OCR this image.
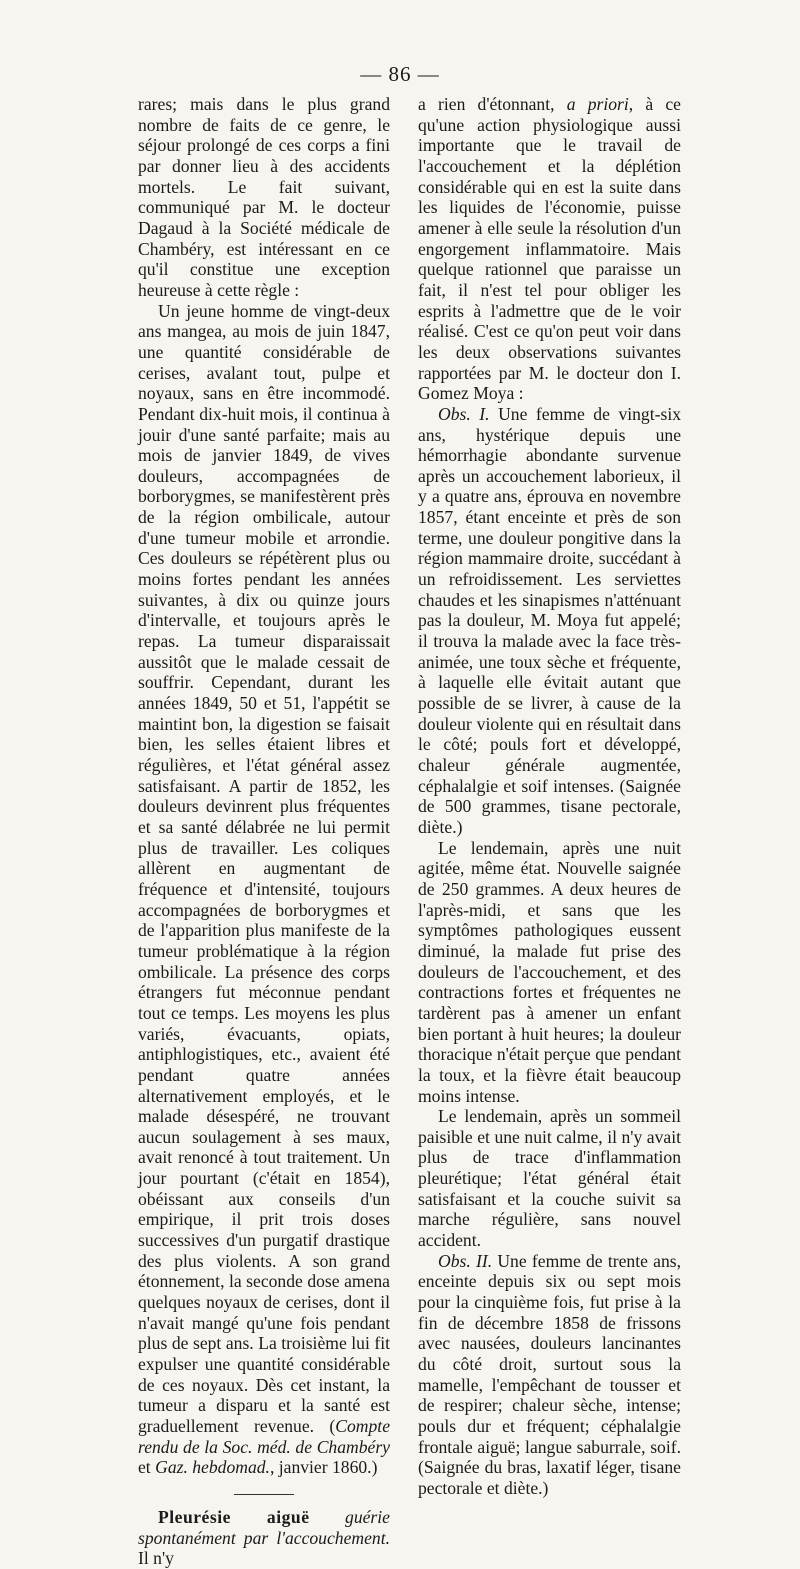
— 86 —

rares; mais dans le plus grand nombre de faits de ce genre, le séjour prolongé de ces corps a fini par donner lieu à des accidents mortels. Le fait suivant, communiqué par M. le docteur Dagaud à la Société médicale de Chambéry, est intéressant en ce qu'il constitue une exception heureuse à cette règle :

Un jeune homme de vingt-deux ans mangea, au mois de juin 1847, une quantité considérable de cerises, avalant tout, pulpe et noyaux, sans en être incommodé. Pendant dix-huit mois, il continua à jouir d'une santé parfaite; mais au mois de janvier 1849, de vives douleurs, accompagnées de borborygmes, se manifestèrent près de la région ombilicale, autour d'une tumeur mobile et arrondie. Ces douleurs se répétèrent plus ou moins fortes pendant les années suivantes, à dix ou quinze jours d'intervalle, et toujours après le repas. La tumeur disparaissait aussitôt que le malade cessait de souffrir. Cependant, durant les années 1849, 50 et 51, l'appétit se maintint bon, la digestion se faisait bien, les selles étaient libres et régulières, et l'état général assez satisfaisant. A partir de 1852, les douleurs devinrent plus fréquentes et sa santé délabrée ne lui permit plus de travailler. Les coliques allèrent en augmentant de fréquence et d'intensité, toujours accompagnées de borborygmes et de l'apparition plus manifeste de la tumeur problématique à la région ombilicale. La présence des corps étrangers fut méconnue pendant tout ce temps. Les moyens les plus variés, évacuants, opiats, antiphlogistiques, etc., avaient été pendant quatre années alternativement employés, et le malade désespéré, ne trouvant aucun soulagement à ses maux, avait renoncé à tout traitement. Un jour pourtant (c'était en 1854), obéissant aux conseils d'un empirique, il prit trois doses successives d'un purgatif drastique des plus violents. A son grand étonnement, la seconde dose amena quelques noyaux de cerises, dont il n'avait mangé qu'une fois pendant plus de sept ans. La troisième lui fit expulser une quantité considérable de ces noyaux. Dès cet instant, la tumeur a disparu et la santé est graduellement revenue. (Compte rendu de la Soc. méd. de Chambéry et Gaz. hebdomad., janvier 1860.)

Pleurésie aiguë guérie spontanément par l'accouchement. Il n'y

a rien d'étonnant, a priori, à ce qu'une action physiologique aussi importante que le travail de l'accouchement et la déplétion considérable qui en est la suite dans les liquides de l'économie, puisse amener à elle seule la résolution d'un engorgement inflammatoire. Mais quelque rationnel que paraisse un fait, il n'est tel pour obliger les esprits à l'admettre que de le voir réalisé. C'est ce qu'on peut voir dans les deux observations suivantes rapportées par M. le docteur don I. Gomez Moya :

Obs. I. Une femme de vingt-six ans, hystérique depuis une hémorrhagie abondante survenue après un accouchement laborieux, il y a quatre ans, éprouva en novembre 1857, étant enceinte et près de son terme, une douleur pongitive dans la région mammaire droite, succédant à un refroidissement. Les serviettes chaudes et les sinapismes n'atténuant pas la douleur, M. Moya fut appelé; il trouva la malade avec la face très-animée, une toux sèche et fréquente, à laquelle elle évitait autant que possible de se livrer, à cause de la douleur violente qui en résultait dans le côté; pouls fort et développé, chaleur générale augmentée, céphalalgie et soif intenses. (Saignée de 500 grammes, tisane pectorale, diète.)

Le lendemain, après une nuit agitée, même état. Nouvelle saignée de 250 grammes. A deux heures de l'après-midi, et sans que les symptômes pathologiques eussent diminué, la malade fut prise des douleurs de l'accouchement, et des contractions fortes et fréquentes ne tardèrent pas à amener un enfant bien portant à huit heures; la douleur thoracique n'était perçue que pendant la toux, et la fièvre était beaucoup moins intense.

Le lendemain, après un sommeil paisible et une nuit calme, il n'y avait plus de trace d'inflammation pleurétique; l'état général était satisfaisant et la couche suivit sa marche régulière, sans nouvel accident.

Obs. II. Une femme de trente ans, enceinte depuis six ou sept mois pour la cinquième fois, fut prise à la fin de décembre 1858 de frissons avec nausées, douleurs lancinantes du côté droit, surtout sous la mamelle, l'empêchant de tousser et de respirer; chaleur sèche, intense; pouls dur et fréquent; céphalalgie frontale aiguë; langue saburrale, soif. (Saignée du bras, laxatif léger, tisane pectorale et diète.)
